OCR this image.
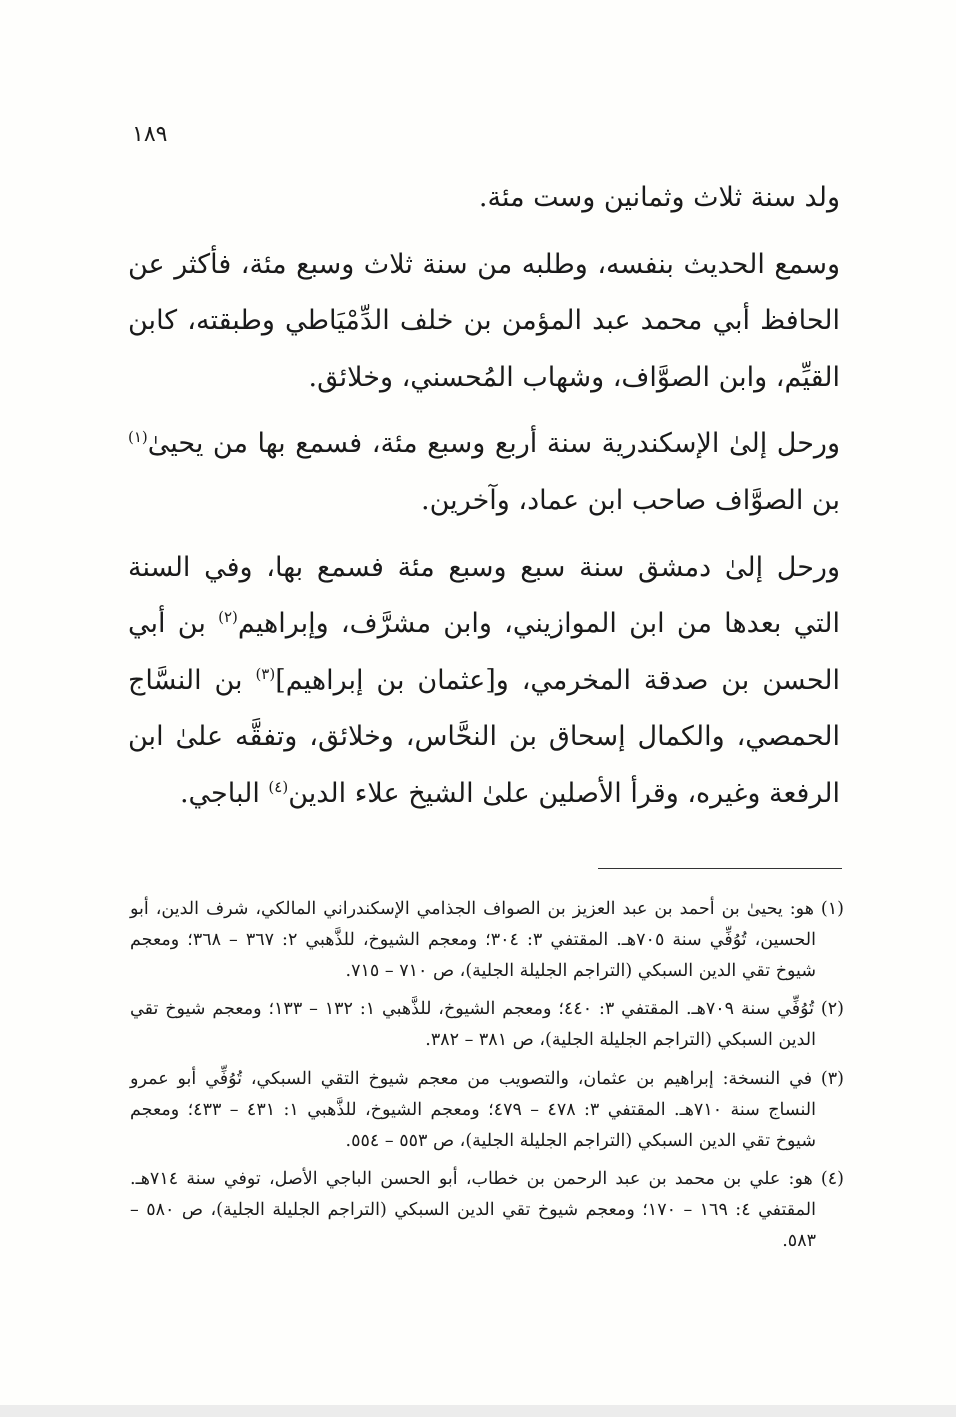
١٨٩

ولد سنة ثلاث وثمانين وست مئة.

وسمع الحديث بنفسه، وطلبه من سنة ثلاث وسبع مئة، فأكثر عن الحافظ أبي محمد عبد المؤمن بن خلف الدِّمْيَاطي وطبقته، كابن القيِّم، وابن الصوَّاف، وشهاب المُحسني، وخلائق.

ورحل إلىٰ الإسكندرية سنة أربع وسبع مئة، فسمع بها من يحيىٰ$^{(١)}$ بن الصوَّاف صاحب ابن عماد، وآخرين.

ورحل إلىٰ دمشق سنة سبع وسبع مئة فسمع بها، وفي السنة التي بعدها من ابن الموازيني، وابن مشرَّف، وإبراهيم$^{(٢)}$ بن أبي الحسن بن صدقة المخرمي، و[عثمان بن إبراهيم]$^{(٣)}$ بن النسَّاج الحمصي، والكمال إسحاق بن النحَّاس، وخلائق، وتفقَّه علىٰ ابن الرفعة وغيره، وقرأ الأصلين علىٰ الشيخ علاء الدين$^{(٤)}$ الباجي.

(١) هو: يحيىٰ بن أحمد بن عبد العزيز بن الصواف الجذامي الإسكندراني المالكي، شرف الدين، أبو الحسين، تُوُفِّي سنة ٧٠٥هـ. المقتفي ٣: ٣٠٤؛ ومعجم الشيوخ، للذَّهبي ٢: ٣٦٧ – ٣٦٨؛ ومعجم شيوخ تقي الدين السبكي (التراجم الجليلة الجلية)، ص ٧١٠ – ٧١٥.

(٢) تُوُفِّي سنة ٧٠٩هـ. المقتفي ٣: ٤٤٠؛ ومعجم الشيوخ، للذَّهبي ١: ١٣٢ – ١٣٣؛ ومعجم شيوخ تقي الدين السبكي (التراجم الجليلة الجلية)، ص ٣٨١ – ٣٨٢.

(٣) في النسخة: إبراهيم بن عثمان، والتصويب من معجم شيوخ التقي السبكي، تُوُفِّي أبو عمرو النساج سنة ٧١٠هـ. المقتفي ٣: ٤٧٨ – ٤٧٩؛ ومعجم الشيوخ، للذَّهبي ١: ٤٣١ – ٤٣٣؛ ومعجم شيوخ تقي الدين السبكي (التراجم الجليلة الجلية)، ص ٥٥٣ – ٥٥٤.

(٤) هو: علي بن محمد بن عبد الرحمن بن خطاب، أبو الحسن الباجي الأصل، توفي سنة ٧١٤هـ. المقتفي ٤: ١٦٩ – ١٧٠؛ ومعجم شيوخ تقي الدين السبكي (التراجم الجليلة الجلية)، ص ٥٨٠ – ٥٨٣.
